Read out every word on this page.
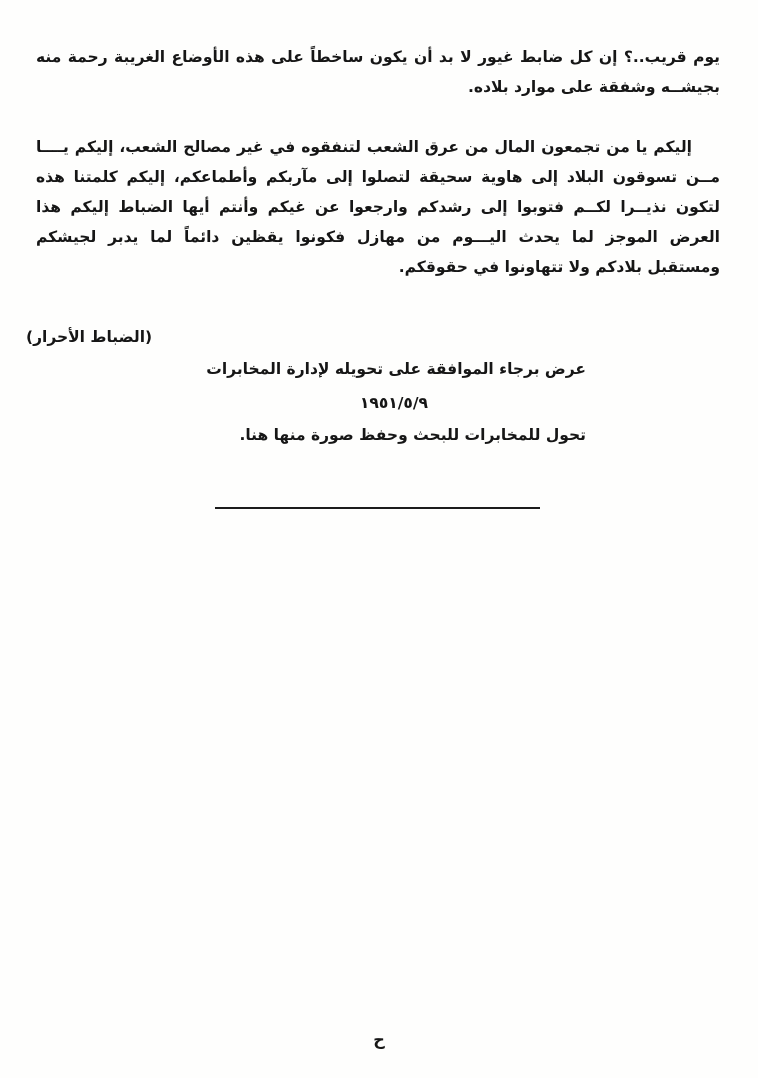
يوم قريب..؟ إن كل ضابط غيور لا بد أن يكون ساخطاً على هذه الأوضاع الغريبة رحمة منه بجيشــه وشفقة على موارد بلاده.

إليكم يا من تجمعون المال من عرق الشعب لتنفقوه في غير مصالح الشعب، إليكم يــــا مــن تسوقون البلاد إلى هاوية سحيقة لتصلوا إلى مآربكم وأطماعكم، إليكم كلمتنا هذه لتكون نذيــرا لكــم فتوبوا إلى رشدكم وارجعوا عن غيكم وأنتم أيها الضباط إليكم هذا العرض الموجز لما يحدث اليـــوم من مهازل فكونوا يقظين دائماً لما يدبر لجيشكم ومستقبل بلادكم ولا تتهاونوا في حقوقكم.

(الضباط الأحرار)
عرض برجاء الموافقة على تحويله لإدارة المخابرات
١٩٥١/٥/٩
تحول للمخابرات للبحث وحفظ صورة منها هنا.
ح
